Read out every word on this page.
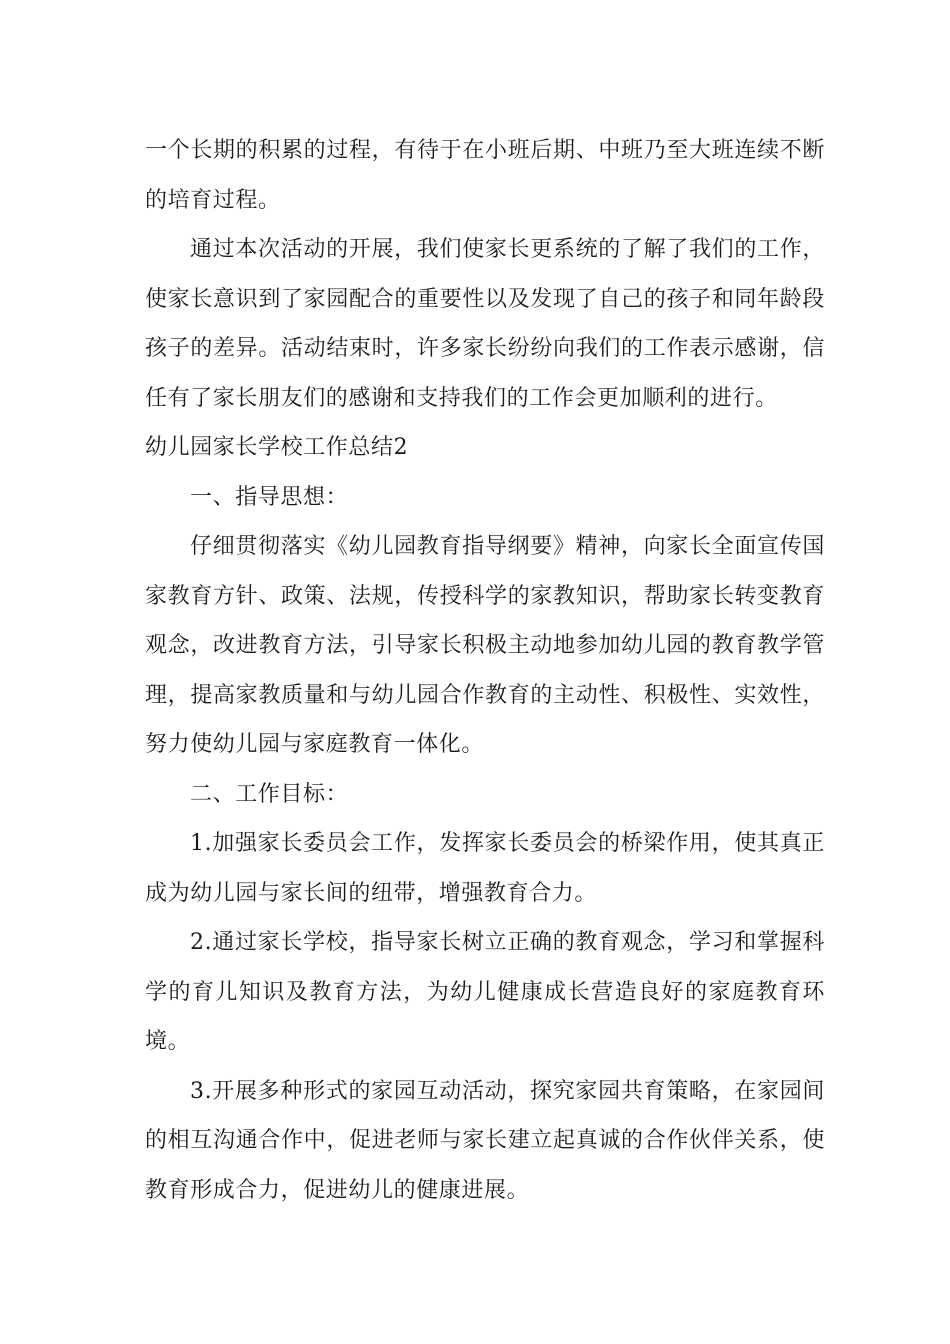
一个长期的积累的过程，有待于在小班后期、中班乃至大班连续不断的培育过程。

通过本次活动的开展，我们使家长更系统的了解了我们的工作，使家长意识到了家园配合的重要性以及发现了自己的孩子和同年龄段孩子的差异。活动结束时，许多家长纷纷向我们的工作表示感谢，信任有了家长朋友们的感谢和支持我们的工作会更加顺利的进行。

幼儿园家长学校工作总结2

一、指导思想：

仔细贯彻落实《幼儿园教育指导纲要》精神，向家长全面宣传国家教育方针、政策、法规，传授科学的家教知识，帮助家长转变教育观念，改进教育方法，引导家长积极主动地参加幼儿园的教育教学管理，提高家教质量和与幼儿园合作教育的主动性、积极性、实效性，努力使幼儿园与家庭教育一体化。

二、工作目标：

1.加强家长委员会工作，发挥家长委员会的桥梁作用，使其真正成为幼儿园与家长间的纽带，增强教育合力。

2.通过家长学校，指导家长树立正确的教育观念，学习和掌握科学的育儿知识及教育方法，为幼儿健康成长营造良好的家庭教育环境。

3.开展多种形式的家园互动活动，探究家园共育策略，在家园间的相互沟通合作中，促进老师与家长建立起真诚的合作伙伴关系，使教育形成合力，促进幼儿的健康进展。
